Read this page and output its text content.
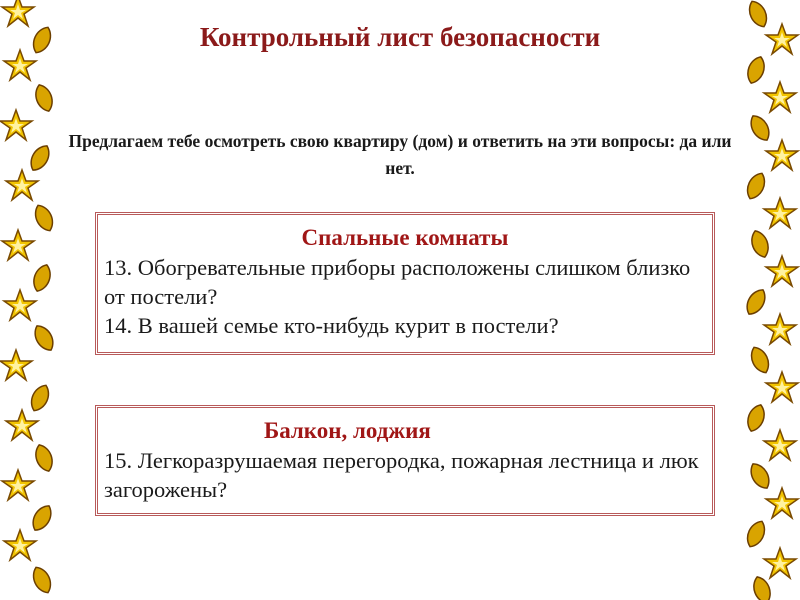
Контрольный лист безопасности
Предлагаем тебе осмотреть свою квартиру (дом) и ответить на эти вопросы: да или нет.
Спальные комнаты

13. Обогревательные приборы расположены слишком близко от постели?

14. В вашей семье кто-нибудь курит в постели?

Балкон, лоджия

15. Легкоразрушаемая перегородка, пожарная лестница и люк загорожены?
